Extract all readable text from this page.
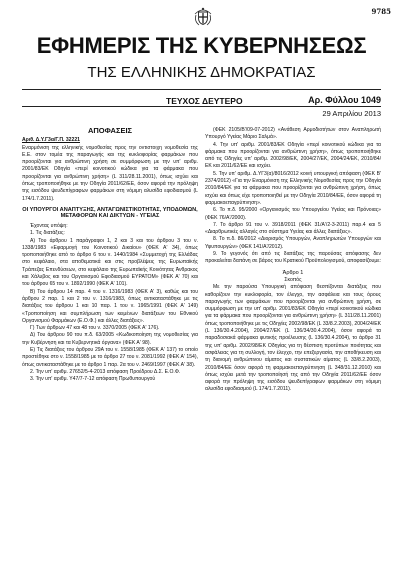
9785
ΕΦΗΜΕΡΙΣ ΤΗΣ ΚΥΒΕΡΝΗΣΕΩΣ
ΤΗΣ ΕΛΛΗΝΙΚΗΣ ΔΗΜΟΚΡΑΤΙΑΣ
ΤΕΥΧΟΣ ΔΕΥΤΕΡΟ	Αρ. Φύλλου 1049
29 Απριλίου 2013
ΑΠΟΦΑΣΕΙΣ

Αριθ. Δ.Υ.Γ3α/Γ.Π. 32221

Εναρμόνιση της ελληνικής νομοθεσίας προς την οντιστοιχη νομοθεσία της Ε.Ε. στον τομέα της παραγωγής και της κυκλοφορίας φαρμάκων που προορίζονται για ανθρώπινη χρήση σε συμμόρφωση με την υπ' αριθμ. 2001/83/ΕΚ Οδηγία «περί κοινοτικού κώδικα για τα φάρμακα που προορίζονται για ανθρώπινη χρήση» (L 311/28.11.2001), όπως ισχύει και όπως τροποποιήθηκε με την Οδηγία 2011/62/ΕΕ, όσον αφορά την πρόληψη της εισόδου ψευδεπίγραφων φαρμάκων στη νόμιμη αλυσίδα εφοδιασμού (L 174/1.7.2011).

ΟΙ ΥΠΟΥΡΓΟΙ ΑΝΑΠΤΥΞΗΣ, ΑΝΤΑΓΩΝΙΣΤΙΚΟΤΗΤΑΣ, ΥΠΟΔΟΜΩΝ, ΜΕΤΑΦΟΡΩΝ ΚΑΙ ΔΙΚΤΥΩΝ - ΥΓΕΙΑΣ

Έχοντας υπόψη:

1. Τις διατάξεις:

Α) Του άρθρου 1 παράγραφοι 1, 2 και 3 και του άρθρου 3 του ν. 1338/1983 «Εφαρμογή του Κοινοτικού Δικαίου» (ΦΕΚ Α' 34), όπως τροποποιήθηκε από το άρθρο 6 του ν. 1440/1984 «Συμμετοχή της Ελλάδας στο κεφάλαιο, στα αποθεματικά και στις προβλέψεις της Ευρωπαϊκής Τράπεζας Επενδύσεων, στο κεφάλαιο της Ευρωπαϊκής Κοινότητας Άνθρακος και Χάλυβος και του Οργανισμού Εφοδιασμού ΕΥΡΑΤΟΜ» (ΦΕΚ Α' 70) και του άρθρου 65 του ν. 1892/1990 (ΦΕΚ Α' 101).

Β) Του άρθρου 14 παρ. 4 του ν. 1316/1983 (ΦΕΚ Α' 3), καθώς και του άρθρου 2 παρ. 1 και 2 του ν. 1316/1983, όπως αντικαταστάθηκε με τις διατάξεις του άρθρου 1 και 10 παρ. 1 του ν. 1965/1991 (ΦΕΚ Α' 149) «Τροποποίηση και συμπλήρωση των κειμένων διατάξεων του Εθνικού Οργανισμού Φαρμάκων (Ε.Ο.Φ.) και άλλες διατάξεις».

Γ) Των άρθρων 47 και 48 του ν. 3370/2005 (ΦΕΚ Α' 176).

Δ) Του άρθρου 90 του π.δ. 63/2005 «Κωδικοποίηση της νομοθεσίας για την Κυβέρνηση και τα Κυβερνητικά όργανα» (ΦΕΚ Α' 98).

Ε) Τις διατάξεις του άρθρου 29Α του ν. 1558/1985 (ΦΕΚ Α' 137) το οποίο προστέθηκε στο ν. 1558/1985 με το άρθρο 27 του ν. 2081/1992 (ΦΕΚ Α' 154), όπως αντικαταστάθηκε με το άρθρο 1 παρ. 2α του ν. 2469/1997 (ΦΕΚ Α' 38).

2. Την υπ' αριθμ. 27652/5-4-2013 απόφαση Προέδρου Δ.Σ. Ε.Ο.Φ.

3. Την υπ' αριθμ. Υ47/7-7-12 απόφαση Πρωθυπουργού

(ΦΕΚ 2105/Β'/09-07-2012) «Ανάθεση Αρμοδιοτήτων στον Αναπληρωτή Υπουργό Υγείας Μάριο Σαλμά».

4. Την υπ' αριθμ. 2001/83/ΕΚ Οδηγία «περί κοινοτικού κώδικα για τα φάρμακα που προορίζονται για ανθρώπινη χρήση», όπως τροποποιήθηκε από τις Οδηγίες υπ' αριθμ. 2002/98/ΕΚ, 2004/27/ΕΚ, 2004/24/ΕΚ, 2010/84/ΕΚ και 2011/62/ΕΕ και ισχύει.

5. Την υπ' αριθμ. Δ.ΥΓ3(α)/8016/2012 κοινή υπουργική απόφαση (ΦΕΚ Β' 2374/2012) «Για την Εναρμόνιση της Ελληνικής Νομοθεσίας προς την Οδηγία 2010/84/ΕΚ για τα φάρμακα που προορίζονται για ανθρώπινη χρήση, όπως ισχύει και όπως είχε τροποποιηθεί με την Οδηγία 2010/84/ΕΕ, όσον αφορά τη φαρμακοεπαγρύπνηση».

6. Το π.δ. 95/2000 «Οργανισμός του Υπουργείου Υγείας και Πρόνοιας» (ΦΕΚ 76/Α'/2000).

7. Το άρθρο 91 του ν. 3918/2011 (ΦΕΚ 31/Α'/2-3-2011) παρ.4 και 5 «Διαρθρωτικές αλλαγές στο σύστημα Υγείας και άλλες διατάξεις».

8. Το π.δ. 86/2012 «Διορισμός Υπουργών, Αναπληρωτών Υπουργών και Υφυπουργών» (ΦΕΚ 141/Α'/2012).

9. Το γεγονός ότι από τις διατάξεις της παρούσας απόφασης δεν προκαλείται δαπάνη σε βάρος του Κρατικού Προϋπολογισμού, αποφασίζουμε:

Άρθρο 1

Σκοπός

Με την παρούσα Υπουργική απόφαση θεσπίζονται διατάξεις που καθορίζουν την κυκλοφορία, τον έλεγχο, την ασφάλεια και τους όρους παραγωγής των φαρμάκων που προορίζονται για ανθρώπινη χρήση, σε συμμόρφωση με την υπ' αριθμ. 2001/83/ΕΚ Οδηγία «περί κοινοτικού κώδικα για τα φάρμακα που προορίζονται για ανθρώπινη χρήση» (L 311/28.11.2001) όπως τροποποιήθηκε με τις Οδηγίες 2002/98/ΕΚ (L 33/8.2.2003), 2004/24/ΕΚ (L 136/30.4.2004), 2004/27/ΕΚ (L 136/34/30.4.2004), όσον αφορά τα παραδοσιακά φάρμακα φυτικής προέλευσης (L 136/30.4.2004), το άρθρο 31 της υπ' αριθμ. 2002/98/ΕΚ Οδηγίας για τη θέσπιση προτύπων ποιότητας και ασφάλειας για τη συλλογή, τον έλεγχο, την επεξεργασία, την αποθήκευση και τη διανομή ανθρώπινου αίματος και συστατικών αίματος (L 33/8.2.2003), 2010/84/ΕΕ όσον αφορά τη φαρμακοεπαγρύπνηση (L 348/31.12.2010) και όπως ισχύει μετά την τροποποίησή της από την Οδηγία 2011/62/ΕΕ όσον αφορά την πρόληψη της εισόδου ψευδεπίγραφων φαρμάκων στη νόμιμη αλυσίδα εφοδιασμού (L 174/1.7.2011).
